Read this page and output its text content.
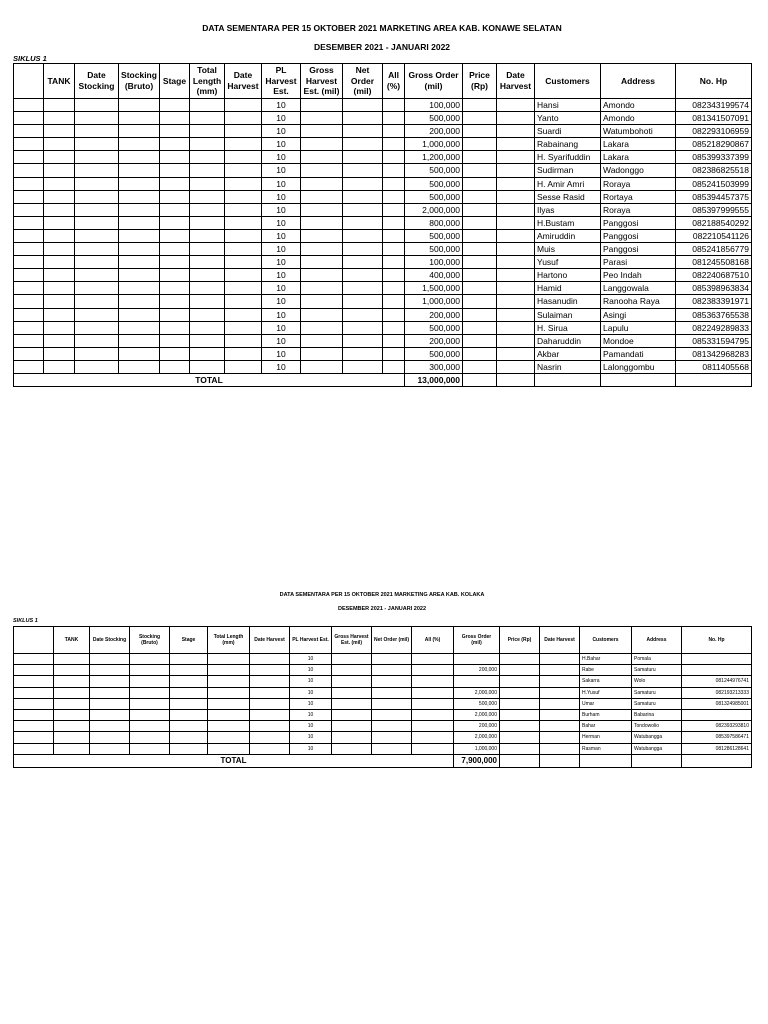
DATA SEMENTARA PER 15 OKTOBER 2021 MARKETING AREA KAB. KONAWE SELATAN
DESEMBER 2021 - JANUARI 2022
SIKLUS 1
	TANK	Date Stocking	Stocking (Bruto)	Stage	Total Length (mm)	Date Harvest	PL Harvest Est.	Gross Harvest Est. (mil)	Net Order (mil)	All (%)	Gross Order (mil)	Price (Rp)	Date Harvest	Customers	Address	No. Hp
							10				100,000			Hansi	Amondo	082343199574
							10				500,000			Yanto	Amondo	081341507091
							10				200,000			Suardi	Watumbohoti	082293106959
							10				1,000,000			Rabainang	Lakara	085218290867
							10				1,200,000			H. Syarifuddin	Lakara	085399337399
							10				500,000			Sudirman	Wadonggo	082386825518
							10				500,000			H. Amir Amri	Roraya	085241503999
							10				500,000			Sesse Rasid	Rortaya	085394457375
							10				2,000,000			Ilyas	Roraya	085397999555
							10				800,000			H.Bustam	Panggosi	082188540292
							10				500,000			Amiruddin	Panggosi	082210541126
							10				500,000			Muis	Panggosi	085241856779
							10				100,000			Yusuf	Parasi	081245508168
							10				400,000			Hartono	Peo Indah	082240687510
							10				1,500,000			Hamid	Langgowala	085398963834
							10				1,000,000			Hasanudin	Ranooha Raya	082383391971
							10				200,000			Sulaiman	Asingi	085363765538
							10				500,000			H. Sirua	Lapulu	082249289833
							10				200,000			Daharuddin	Mondoe	085331594795
							10				500,000			Akbar	Pamandati	081342968283
							10				300,000			Nasrin	Lalonggombu	0811405568
TOTAL											13,000,000					
DATA SEMENTARA PER 15 OKTOBER 2021 MARKETING AREA KAB. KOLAKA
DESEMBER 2021 - JANUARI 2022
SIKLUS 1
	TANK	Date Stocking	Stocking (Bruto)	Stage	Total Length (mm)	Date Harvest	PL Harvest Est.	Gross Harvest Est. (mil)	Net Order (mil)	All (%)	Gross Order (mil)	Price (Rp)	Date Harvest	Customers	Address	No. Hp
							10							H.Bahar	Pomala	
							10				200,000			Rabe	Samaturu	
							10							Sakarra	Wolo	081244976741
							10				2,000,000			H.Yusuf	Samaturu	082193213333
							10				500,000			Umar	Samaturu	081324985001
							10				2,000,000			Burham	Babarina	
							10				200,000			Bahar	Tondowolio	082393293810
							10				2,000,000			Herman	Watubangga	085397586471
							10				1,000,000			Rasman	Watubangga	081286128641
TOTAL											7,900,000					
